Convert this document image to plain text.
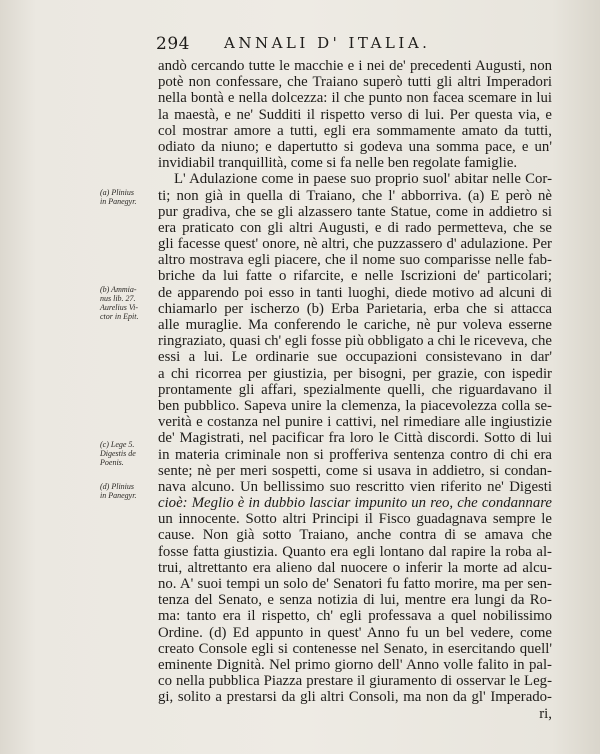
294 ANNALI D' ITALIA.
andò cercando tutte le macchie e i nei de' precedenti Augusti, non
potè non confessare, che Traiano superò tutti gli altri Imperadori
nella bontà e nella dolcezza: il che punto non facea scemare in lui
la maestà, e ne' Sudditi il rispetto verso di lui. Per questa via, e
col mostrar amore a tutti, egli era sommamente amato da tutti,
odiato da niuno; e dapertutto si godeva una somma pace, e un'
invidiabil tranquillità, come si fa nelle ben regolate famiglie.
L' Adulazione come in paese suo proprio suol' abitar nelle Cor-
ti; non già in quella di Traiano, che l' abborriva. (a) E però nè
pur gradiva, che se gli alzassero tante Statue, come in addietro si
era praticato con gli altri Augusti, e di rado permetteva, che se
gli facesse quest' onore, nè altri, che puzzassero d' adulazione. Per
altro mostrava egli piacere, che il nome suo comparisse nelle fab-
briche da lui fatte o rifarcite, e nelle Iscrizioni de' particolari;
de apparendo poi esso in tanti luoghi, diede motivo ad alcuni di
chiamarlo per ischerzo (b) Erba Parietaria, erba che si attacca
alle muraglie. Ma conferendo le cariche, nè pur voleva esserne
ringraziato, quasi ch' egli fosse più obbligato a chi le riceveva, che
essi a lui. Le ordinarie sue occupazioni consistevano in dar'
a chi ricorrea per giustizia, per bisogni, per grazie, con ispedir
prontamente gli affari, spezialmente quelli, che riguardavano il
ben pubblico. Sapeva unire la clemenza, la piacevolezza colla se-
verità e costanza nel punire i cattivi, nel rimediare alle ingiustizie
de' Magistrati, nel pacificar fra loro le Città discordi. Sotto di lui
in materia criminale non si profferiva sentenza contro di chi era
sente; nè per meri sospetti, come si usava in addietro, si condan-
nava alcuno. Un bellissimo suo rescritto vien riferito ne' Digesti
cioè: Meglio è in dubbio lasciar impunito un reo, che condannare
un innocente. Sotto altri Principi il Fisco guadagnava sempre le
cause. Non già sotto Traiano, anche contra di se amava che
fosse fatta giustizia. Quanto era egli lontano dal rapire la roba al-
trui, altrettanto era alieno dal nuocere o inferir la morte ad alcu-
no. A' suoi tempi un solo de' Senatori fu fatto morire, ma per sen-
tenza del Senato, e senza notizia di lui, mentre era lungi da Ro-
ma: tanto era il rispetto, ch' egli professava a quel nobilissimo
Ordine. (d) Ed appunto in quest' Anno fu un bel vedere, come
creato Console egli si contenesse nel Senato, in esercitando quell'
eminente Dignità. Nel primo giorno dell' Anno volle falito in pal-
co nella pubblica Piazza prestare il giuramento di osservar le Leg-
gi, solito a prestarsi da gli altri Consoli, ma non da gl' Imperado-
ri,
(a) Plinius
in Panegyr.
(b) Ammia-
nus lib. 27.
Aurelius Vi-
ctor in Epit.
(c) Lege 5.
Digestis de
Poenis.
(d) Plinius
in Panegyr.
